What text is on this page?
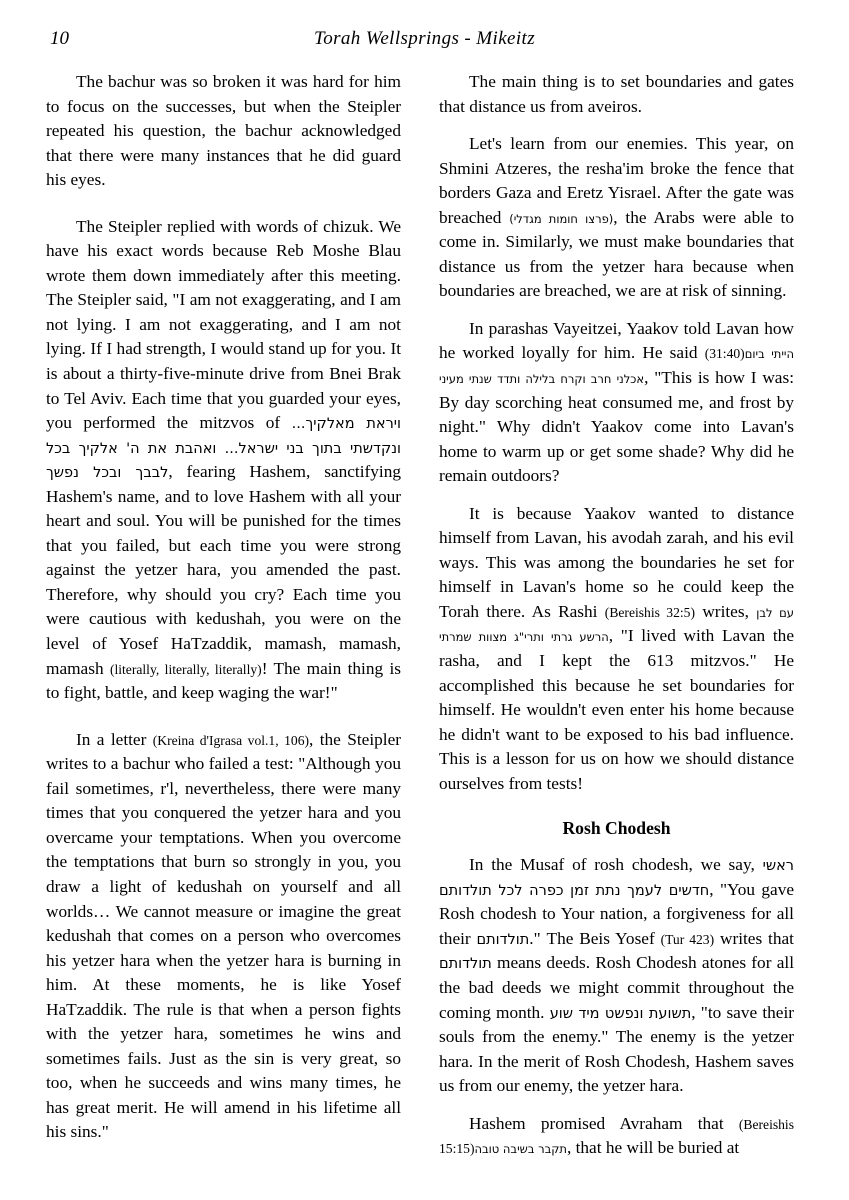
10	Torah Wellsprings - Mikeitz

The bachur was so broken it was hard for him to focus on the successes, but when the Steipler repeated his question, the bachur acknowledged that there were many instances that he did guard his eyes.

The Steipler replied with words of chizuk. We have his exact words because Reb Moshe Blau wrote them down immediately after this meeting. The Steipler said, "I am not exaggerating, and I am not lying. I am not exaggerating, and I am not lying. If I had strength, I would stand up for you. It is about a thirty-five-minute drive from Bnei Brak to Tel Aviv. Each time that you guarded your eyes, you performed the mitzvos of ויראת מאלקיך... ונקדשתי בתוך בני ישראל... ואהבת את ה' אלקיך בכל לבבך ובכל נפשך, fearing Hashem, sanctifying Hashem's name, and to love Hashem with all your heart and soul. You will be punished for the times that you failed, but each time you were strong against the yetzer hara, you amended the past. Therefore, why should you cry? Each time you were cautious with kedushah, you were on the level of Yosef HaTzaddik, mamash, mamash, mamash (literally, literally, literally)! The main thing is to fight, battle, and keep waging the war!"

In a letter (Kreina d'Igrasa vol.1, 106), the Steipler writes to a bachur who failed a test: "Although you fail sometimes, r'l, nevertheless, there were many times that you conquered the yetzer hara and you overcame your temptations. When you overcome the temptations that burn so strongly in you, you draw a light of kedushah on yourself and all worlds… We cannot measure or imagine the great kedushah that comes on a person who overcomes his yetzer hara when the yetzer hara is burning in him. At these moments, he is like Yosef HaTzaddik. The rule is that when a person fights with the yetzer hara, sometimes he wins and sometimes fails. Just as the sin is very great, so too, when he succeeds and wins many times, he has great merit. He will amend in his lifetime all his sins."

The main thing is to set boundaries and gates that distance us from aveiros.

Let's learn from our enemies. This year, on Shmini Atzeres, the resha'im broke the fence that borders Gaza and Eretz Yisrael. After the gate was breached (פרצו חומות מגדלי), the Arabs were able to come in. Similarly, we must make boundaries that distance us from the yetzer hara because when boundaries are breached, we are at risk of sinning.

In parashas Vayeitzei, Yaakov told Lavan how he worked loyally for him. He said (31:40)הייתי ביום אכלני חרב וקרח בלילה ותדד שנתי מעיני, "This is how I was: By day scorching heat consumed me, and frost by night." Why didn't Yaakov come into Lavan's home to warm up or get some shade? Why did he remain outdoors?

It is because Yaakov wanted to distance himself from Lavan, his avodah zarah, and his evil ways. This was among the boundaries he set for himself in Lavan's home so he could keep the Torah there. As Rashi (Bereishis 32:5) writes, עם לבן הרשע גרתי ותרי"ג מצוות שמרתי, "I lived with Lavan the rasha, and I kept the 613 mitzvos." He accomplished this because he set boundaries for himself. He wouldn't even enter his home because he didn't want to be exposed to his bad influence. This is a lesson for us on how we should distance ourselves from tests!

Rosh Chodesh

In the Musaf of rosh chodesh, we say, ראשי חדשים לעמך נתת זמן כפרה לכל תולדותם, "You gave Rosh chodesh to Your nation, a forgiveness for all their תולדותם." The Beis Yosef (Tur 423) writes that תולדותם means deeds. Rosh Chodesh atones for all the bad deeds we might commit throughout the coming month. תשועת ונפשט מיד שוע, "to save their souls from the enemy." The enemy is the yetzer hara. In the merit of Rosh Chodesh, Hashem saves us from our enemy, the yetzer hara.

Hashem promised Avraham that (Bereishis 15:15)תקבר בשיבה טובה, that he will be buried at
